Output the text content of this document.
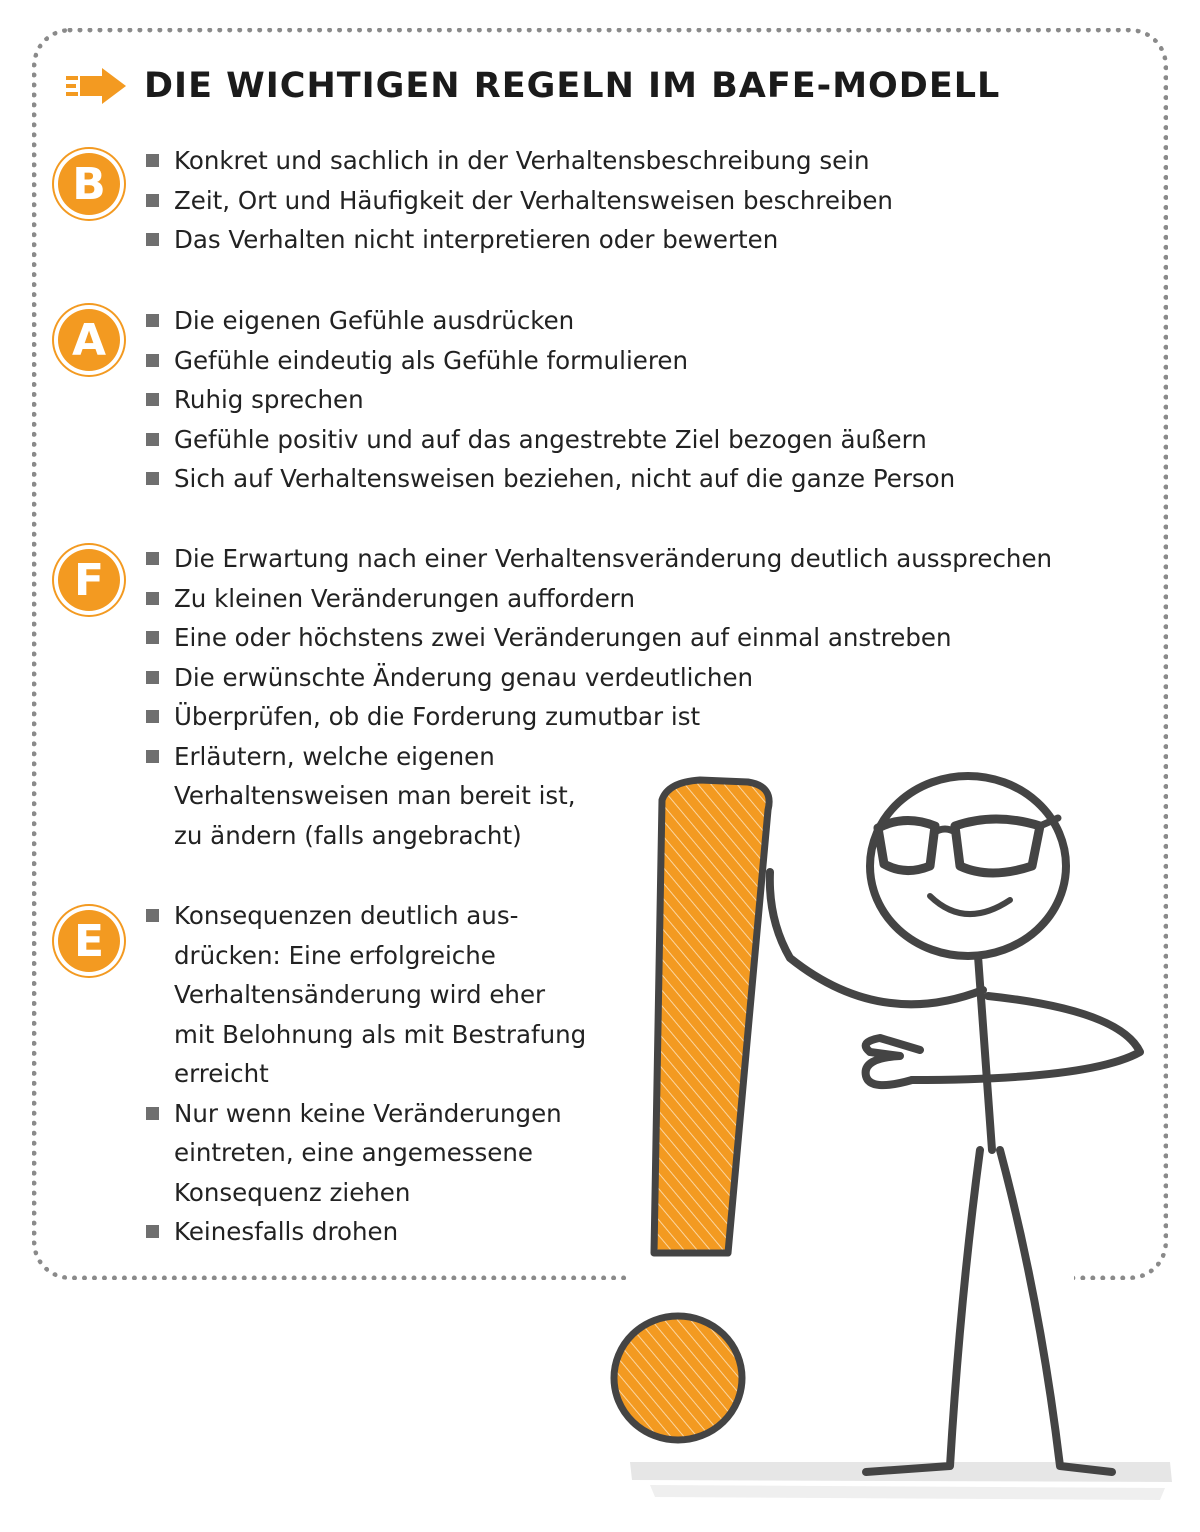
DIE WICHTIGEN REGELN IM BAFE-MODELL
B	Konkret und sachlich in der Verhaltensbeschreibung sein
Zeit, Ort und Häufigkeit der Verhaltensweisen beschreiben
Das Verhalten nicht interpretieren oder bewerten
A	Die eigenen Gefühle ausdrücken
Gefühle eindeutig als Gefühle formulieren
Ruhig sprechen
Gefühle positiv und auf das angestrebte Ziel bezogen äußern
Sich auf Verhaltensweisen beziehen, nicht auf die ganze Person
F	Die Erwartung nach einer Verhaltensveränderung deutlich aussprechen
Zu kleinen Veränderungen auffordern
Eine oder höchstens zwei Veränderungen auf einmal anstreben
Die erwünschte Änderung genau verdeutlichen
Überprüfen, ob die Forderung zumutbar ist
Erläutern, welche eigenen
Verhaltensweisen man bereit ist,
zu ändern (falls angebracht)
E	Konsequenzen deutlich aus-
drücken: Eine erfolgreiche
Verhaltensänderung wird eher
mit Belohnung als mit Bestrafung
erreicht
Nur wenn keine Veränderungen
eintreten, eine angemessene
Konsequenz ziehen
Keinesfalls drohen
